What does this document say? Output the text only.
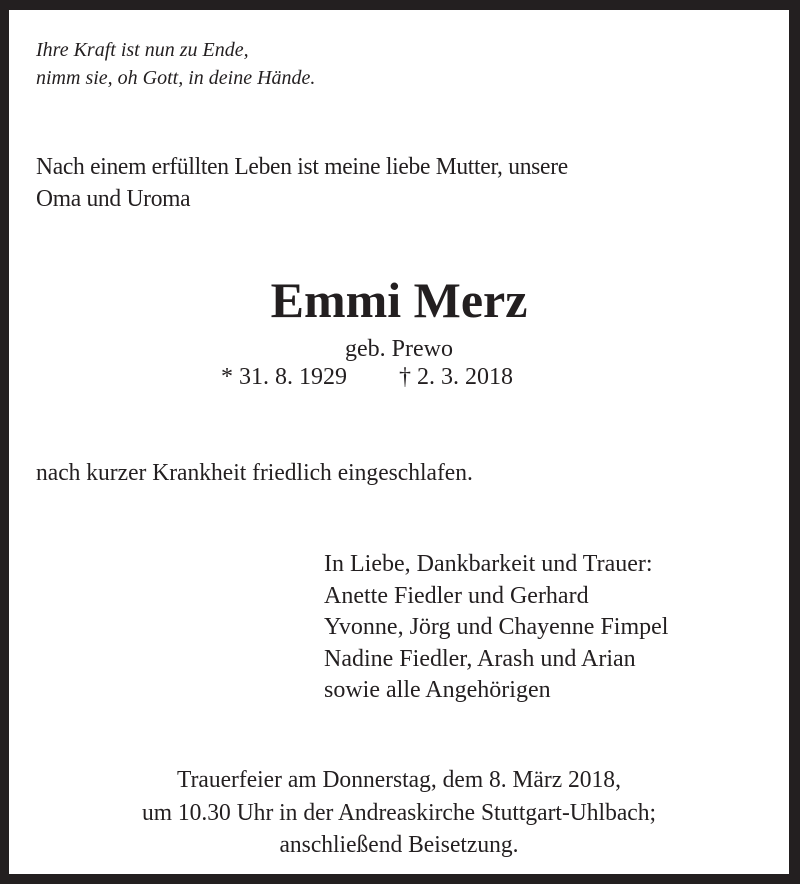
Ihre Kraft ist nun zu Ende,
nimm sie, oh Gott, in deine Hände.
Nach einem erfüllten Leben ist meine liebe Mutter, unsere
Oma und Uroma
Emmi Merz
geb. Prewo
* 31. 8. 1929 † 2. 3. 2018
nach kurzer Krankheit friedlich eingeschlafen.
In Liebe, Dankbarkeit und Trauer:
Anette Fiedler und Gerhard
Yvonne, Jörg und Chayenne Fimpel
Nadine Fiedler, Arash und Arian
sowie alle Angehörigen
Trauerfeier am Donnerstag, dem 8. März 2018,
um 10.30 Uhr in der Andreaskirche Stuttgart-Uhlbach;
anschließend Beisetzung.
